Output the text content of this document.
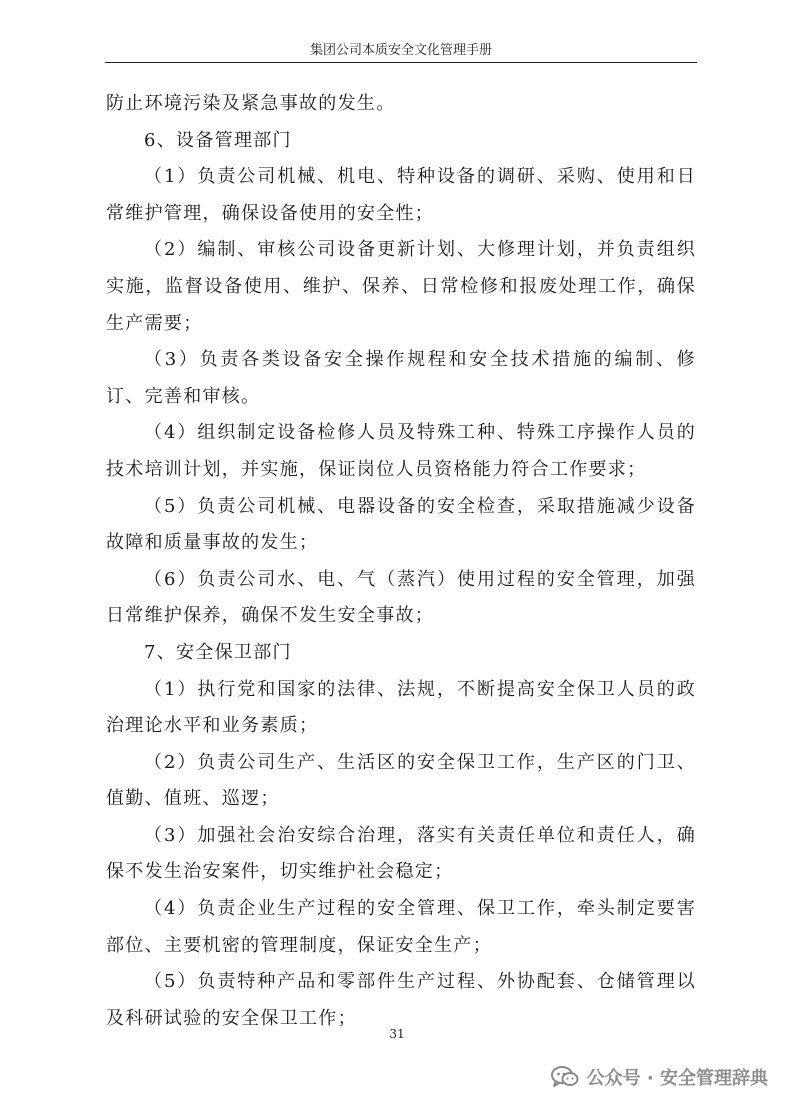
集团公司本质安全文化管理手册

防止环境污染及紧急事故的发生。

6、设备管理部门

（1）负责公司机械、机电、特种设备的调研、采购、使用和日常维护管理，确保设备使用的安全性；

（2）编制、审核公司设备更新计划、大修理计划，并负责组织实施，监督设备使用、维护、保养、日常检修和报废处理工作，确保生产需要；

（3）负责各类设备安全操作规程和安全技术措施的编制、修订、完善和审核。

（4）组织制定设备检修人员及特殊工种、特殊工序操作人员的技术培训计划，并实施，保证岗位人员资格能力符合工作要求；

（5）负责公司机械、电器设备的安全检查，采取措施减少设备故障和质量事故的发生；

（6）负责公司水、电、气（蒸汽）使用过程的安全管理，加强日常维护保养，确保不发生安全事故；

7、安全保卫部门

（1）执行党和国家的法律、法规，不断提高安全保卫人员的政治理论水平和业务素质；

（2）负责公司生产、生活区的安全保卫工作，生产区的门卫、值勤、值班、巡逻；

（3）加强社会治安综合治理，落实有关责任单位和责任人，确保不发生治安案件，切实维护社会稳定；

（4）负责企业生产过程的安全管理、保卫工作，牵头制定要害部位、主要机密的管理制度，保证安全生产；

（5）负责特种产品和零部件生产过程、外协配套、仓储管理以及科研试验的安全保卫工作；

31
公众号 · 安全管理辞典
